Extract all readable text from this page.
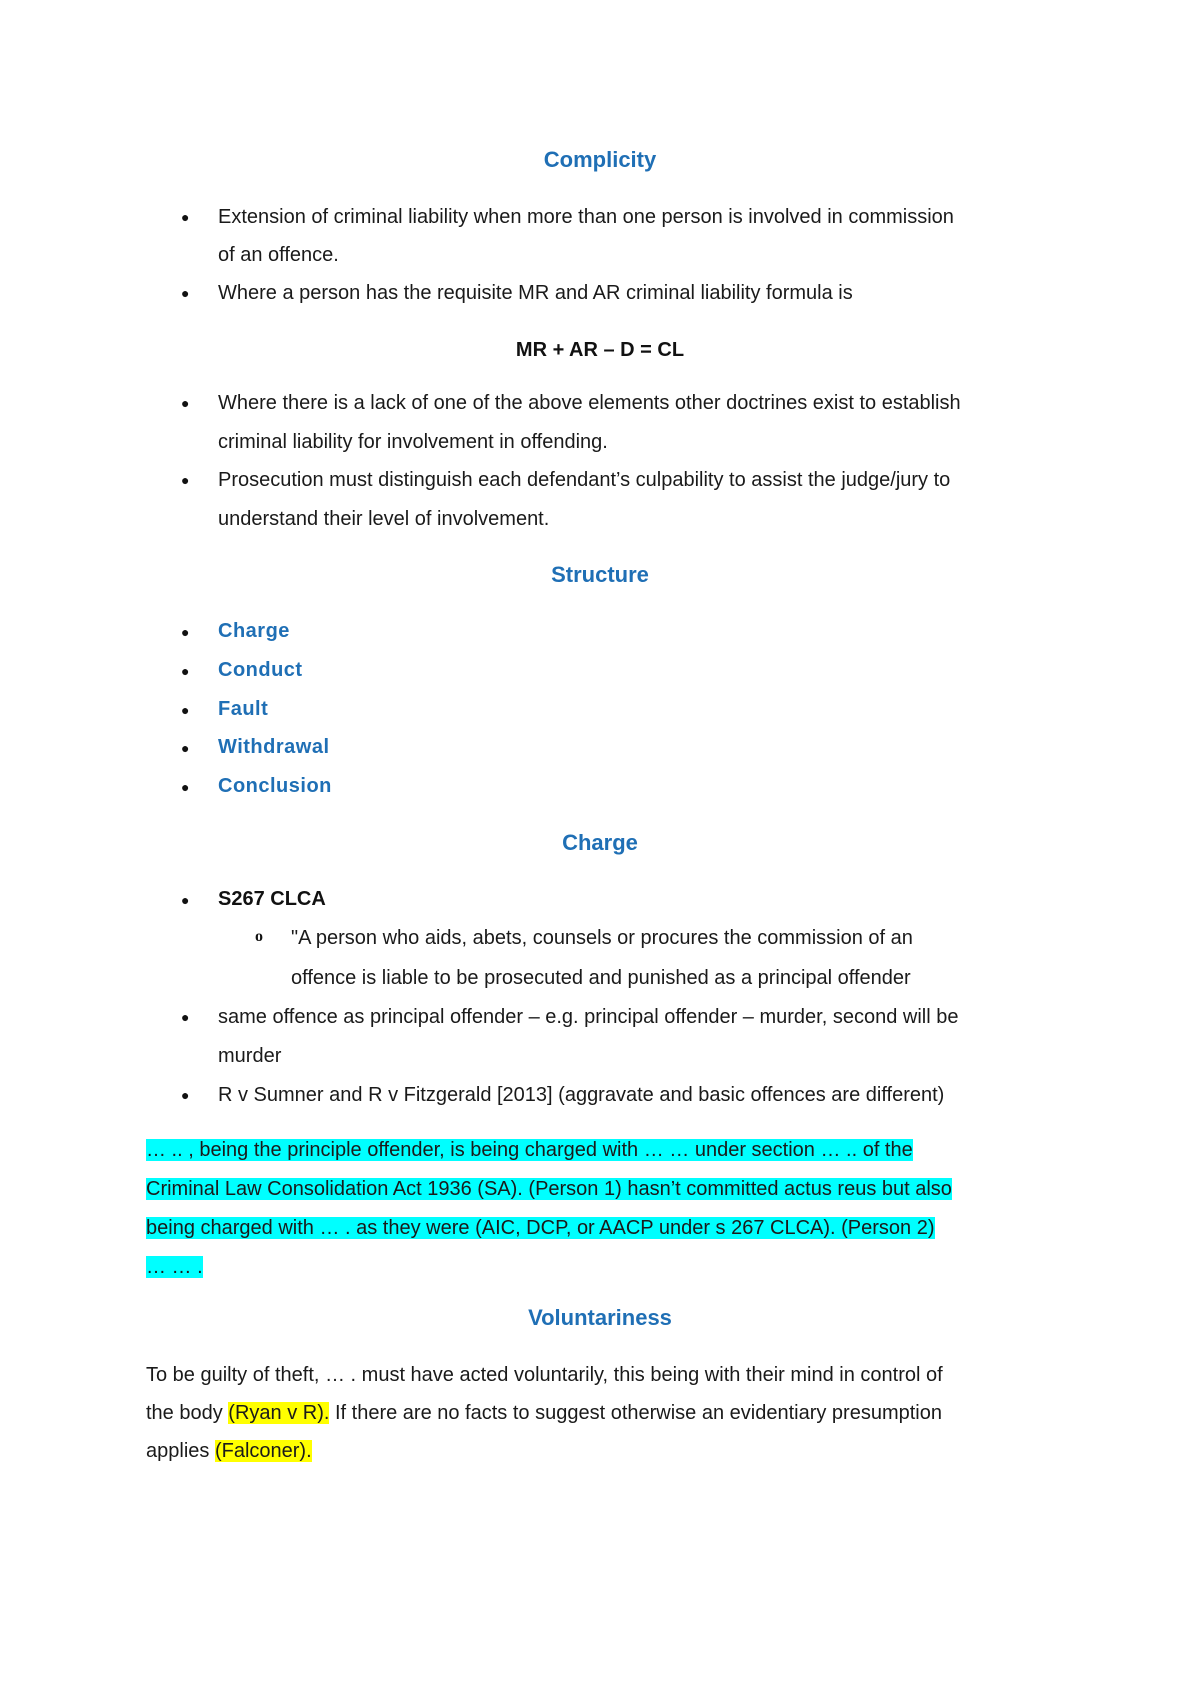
Complicity
● Extension of criminal liability when more than one person is involved in commission
of an offence.
● Where a person has the requisite MR and AR criminal liability formula is
MR + AR – D = CL
● Where there is a lack of one of the above elements other doctrines exist to establish
criminal liability for involvement in offending.
● Prosecution must distinguish each defendant’s culpability to assist the judge/jury to
understand their level of involvement.
Structure
● Charge
● Conduct
● Fault
● Withdrawal
● Conclusion
Charge
● S267 CLCA
o "A person who aids, abets, counsels or procures the commission of an
offence is liable to be prosecuted and punished as a principal offender
● same offence as principal offender – e.g. principal offender – murder, second will be
murder
● R v Sumner and R v Fitzgerald [2013] (aggravate and basic offences are different)
… .. , being the principle offender, is being charged with … … under section … .. of the
Criminal Law Consolidation Act 1936 (SA). (Person 1) hasn’t committed actus reus but also
being charged with … . as they were (AIC, DCP, or AACP under s 267 CLCA). (Person 2)
… … .
Voluntariness
To be guilty of theft, … . must have acted voluntarily, this being with their mind in control of
the body (Ryan v R). If there are no facts to suggest otherwise an evidentiary presumption
applies (Falconer).
